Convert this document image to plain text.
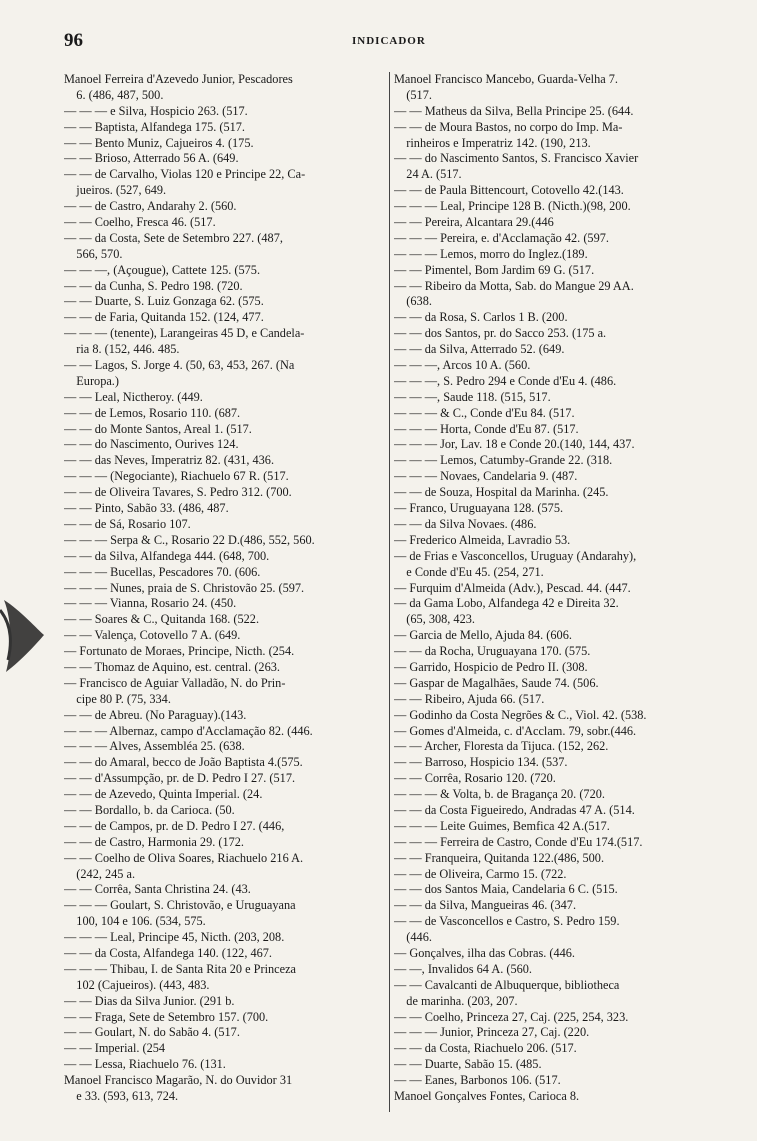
96	INDICADOR
Manoel Ferreira d'Azevedo Junior, Pescadores
6. (486, 487, 500.
— — — e Silva, Hospicio 263. (517.
— — Baptista, Alfandega 175. (517.
— — Bento Muniz, Cajueiros 4. (175.
— — Brioso, Atterrado 56 A. (649.
— — de Carvalho, Violas 120 e Principe 22, Ca-
jueiros. (527, 649.
— — de Castro, Andarahy 2. (560.
— — Coelho, Fresca 46. (517.
— — da Costa, Sete de Setembro 227. (487,
566, 570.
— — —, (Açougue), Cattete 125. (575.
— — da Cunha, S. Pedro 198. (720.
— — Duarte, S. Luiz Gonzaga 62. (575.
— — de Faria, Quitanda 152. (124, 477.
— — — (tenente), Larangeiras 45 D, e Candela-
ria 8. (152, 446. 485.
— — Lagos, S. Jorge 4. (50, 63, 453, 267. (Na
Europa.)
— — Leal, Nictheroy. (449.
— — de Lemos, Rosario 110. (687.
— — do Monte Santos, Areal 1. (517.
— — do Nascimento, Ourives 124.
— — das Neves, Imperatriz 82. (431, 436.
— — — (Negociante), Riachuelo 67 R. (517.
— — de Oliveira Tavares, S. Pedro 312. (700.
— — Pinto, Sabão 33. (486, 487.
— — de Sá, Rosario 107.
— — — Serpa & C., Rosario 22 D.(486, 552, 560.
— — da Silva, Alfandega 444. (648, 700.
— — — Bucellas, Pescadores 70. (606.
— — — Nunes, praia de S. Christovão 25. (597.
— — — Vianna, Rosario 24. (450.
— — Soares & C., Quitanda 168. (522.
— — Valença, Cotovello 7 A. (649.
— Fortunato de Moraes, Principe, Nicth. (254.
— — Thomaz de Aquino, est. central. (263.
— Francisco de Aguiar Valladão, N. do Prin-
cipe 80 P. (75, 334.
— — de Abreu. (No Paraguay).(143.
— — — Albernaz, campo d'Acclamação 82. (446.
— — — Alves, Assembléa 25. (638.
— — do Amaral, becco de João Baptista 4.(575.
— — d'Assumpção, pr. de D. Pedro I 27. (517.
— — de Azevedo, Quinta Imperial. (24.
— — Bordallo, b. da Carioca. (50.
— — de Campos, pr. de D. Pedro I 27. (446,
— — de Castro, Harmonia 29. (172.
— — Coelho de Oliva Soares, Riachuelo 216 A.
(242, 245 a.
— — Corrêa, Santa Christina 24. (43.
— — — Goulart, S. Christovão, e Uruguayana
100, 104 e 106. (534, 575.
— — — Leal, Principe 45, Nicth. (203, 208.
— — da Costa, Alfandega 140. (122, 467.
— — — Thibau, I. de Santa Rita 20 e Princeza
102 (Cajueiros). (443, 483.
— — Dias da Silva Junior. (291 b.
— — Fraga, Sete de Setembro 157. (700.
— — Goulart, N. do Sabão 4. (517.
— — Imperial. (254
— — Lessa, Riachuelo 76. (131.
Manoel Francisco Magarão, N. do Ouvidor 31
e 33. (593, 613, 724.
Manoel Francisco Mancebo, Guarda-Velha 7.
(517.
— — Matheus da Silva, Bella Principe 25. (644.
— — de Moura Bastos, no corpo do Imp. Ma-
rinheiros e Imperatriz 142. (190, 213.
— — do Nascimento Santos, S. Francisco Xavier
24 A. (517.
— — de Paula Bittencourt, Cotovello 42.(143.
— — — Leal, Principe 128 B. (Nicth.)(98, 200.
— — Pereira, Alcantara 29.(446
— — — Pereira, e. d'Acclamação 42. (597.
— — — Lemos, morro do Inglez.(189.
— — Pimentel, Bom Jardim 69 G. (517.
— — Ribeiro da Motta, Sab. do Mangue 29 AA.
(638.
— — da Rosa, S. Carlos 1 B. (200.
— — dos Santos, pr. do Sacco 253. (175 a.
— — da Silva, Atterrado 52. (649.
— — —, Arcos 10 A. (560.
— — —, S. Pedro 294 e Conde d'Eu 4. (486.
— — —, Saude 118. (515, 517.
— — — & C., Conde d'Eu 84. (517.
— — — Horta, Conde d'Eu 87. (517.
— — — Jor, Lav. 18 e Conde 20.(140, 144, 437.
— — — Lemos, Catumby-Grande 22. (318.
— — — Novaes, Candelaria 9. (487.
— — de Souza, Hospital da Marinha. (245.
— Franco, Uruguayana 128. (575.
— — da Silva Novaes. (486.
— Frederico Almeida, Lavradio 53.
— de Frias e Vasconcellos, Uruguay (Andarahy),
e Conde d'Eu 45. (254, 271.
— Furquim d'Almeida (Adv.), Pescad. 44. (447.
— da Gama Lobo, Alfandega 42 e Direita 32.
(65, 308, 423.
— Garcia de Mello, Ajuda 84. (606.
— — da Rocha, Uruguayana 170. (575.
— Garrido, Hospicio de Pedro II. (308.
— Gaspar de Magalhães, Saude 74. (506.
— — Ribeiro, Ajuda 66. (517.
— Godinho da Costa Negrões & C., Viol. 42. (538.
— Gomes d'Almeida, c. d'Acclam. 79, sobr.(446.
— — Archer, Floresta da Tijuca. (152, 262.
— — Barroso, Hospicio 134. (537.
— — Corrêa, Rosario 120. (720.
— — — & Volta, b. de Bragança 20. (720.
— — da Costa Figueiredo, Andradas 47 A. (514.
— — — Leite Guimes, Bemfica 42 A.(517.
— — — Ferreira de Castro, Conde d'Eu 174.(517.
— — Franqueira, Quitanda 122.(486, 500.
— — de Oliveira, Carmo 15. (722.
— — dos Santos Maia, Candelaria 6 C. (515.
— — da Silva, Mangueiras 46. (347.
— — de Vasconcellos e Castro, S. Pedro 159.
(446.
— Gonçalves, ilha das Cobras. (446.
— —, Invalidos 64 A. (560.
— — Cavalcanti de Albuquerque, bibliotheca
de marinha. (203, 207.
— — Coelho, Princeza 27, Caj. (225, 254, 323.
— — — Junior, Princeza 27, Caj. (220.
— — da Costa, Riachuelo 206. (517.
— — Duarte, Sabão 15. (485.
— — Eanes, Barbonos 106. (517.
Manoel Gonçalves Fontes, Carioca 8.
